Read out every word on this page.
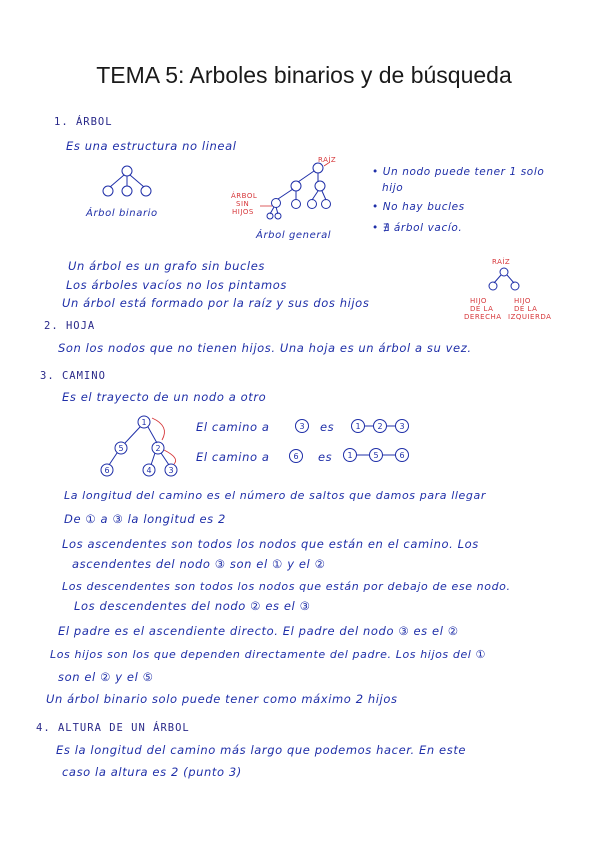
TEMA 5: Arboles binarios y de búsqueda
1. ÁRBOL
Es una estructura no lineal
Árbol binario
RAÍZ
ÁRBOL
SIN
HIJOS
Árbol general
• Un nodo puede tener 1 solo
hijo
• No hay bucles
• ∄ árbol vacío.
Un árbol es un grafo sin bucles
Los árboles vacíos no los pintamos
Un árbol está formado por la raíz y sus dos hijos
RAÍZ
HIJO
DE LA
DERECHA
HIJO
DE LA
IZQUIERDA
2. HOJA
Son los nodos que no tienen hijos. Una hoja es un árbol a su vez.
3. CAMINO
Es el trayecto de un nodo a otro
1
5	2
6	4 3
El camino a	3 es	1 2 3
El camino a	6 es 1	5	6
La longitud del camino es el número de saltos que damos para llegar
De ① a ③ la longitud es 2
Los ascendentes son todos los nodos que están en el camino. Los
ascendentes del nodo ③ son el ① y el ②
Los descendentes son todos los nodos que están por debajo de ese nodo.
Los descendentes del nodo ② es el ③
El padre es el ascendiente directo. El padre del nodo ③ es el ②
Los hijos son los que dependen directamente del padre. Los hijos del ①
son el ② y el ⑤
Un árbol binario solo puede tener como máximo 2 hijos
4. ALTURA DE UN ÁRBOL
Es la longitud del camino más largo que podemos hacer. En este
caso la altura es 2 (punto 3)
